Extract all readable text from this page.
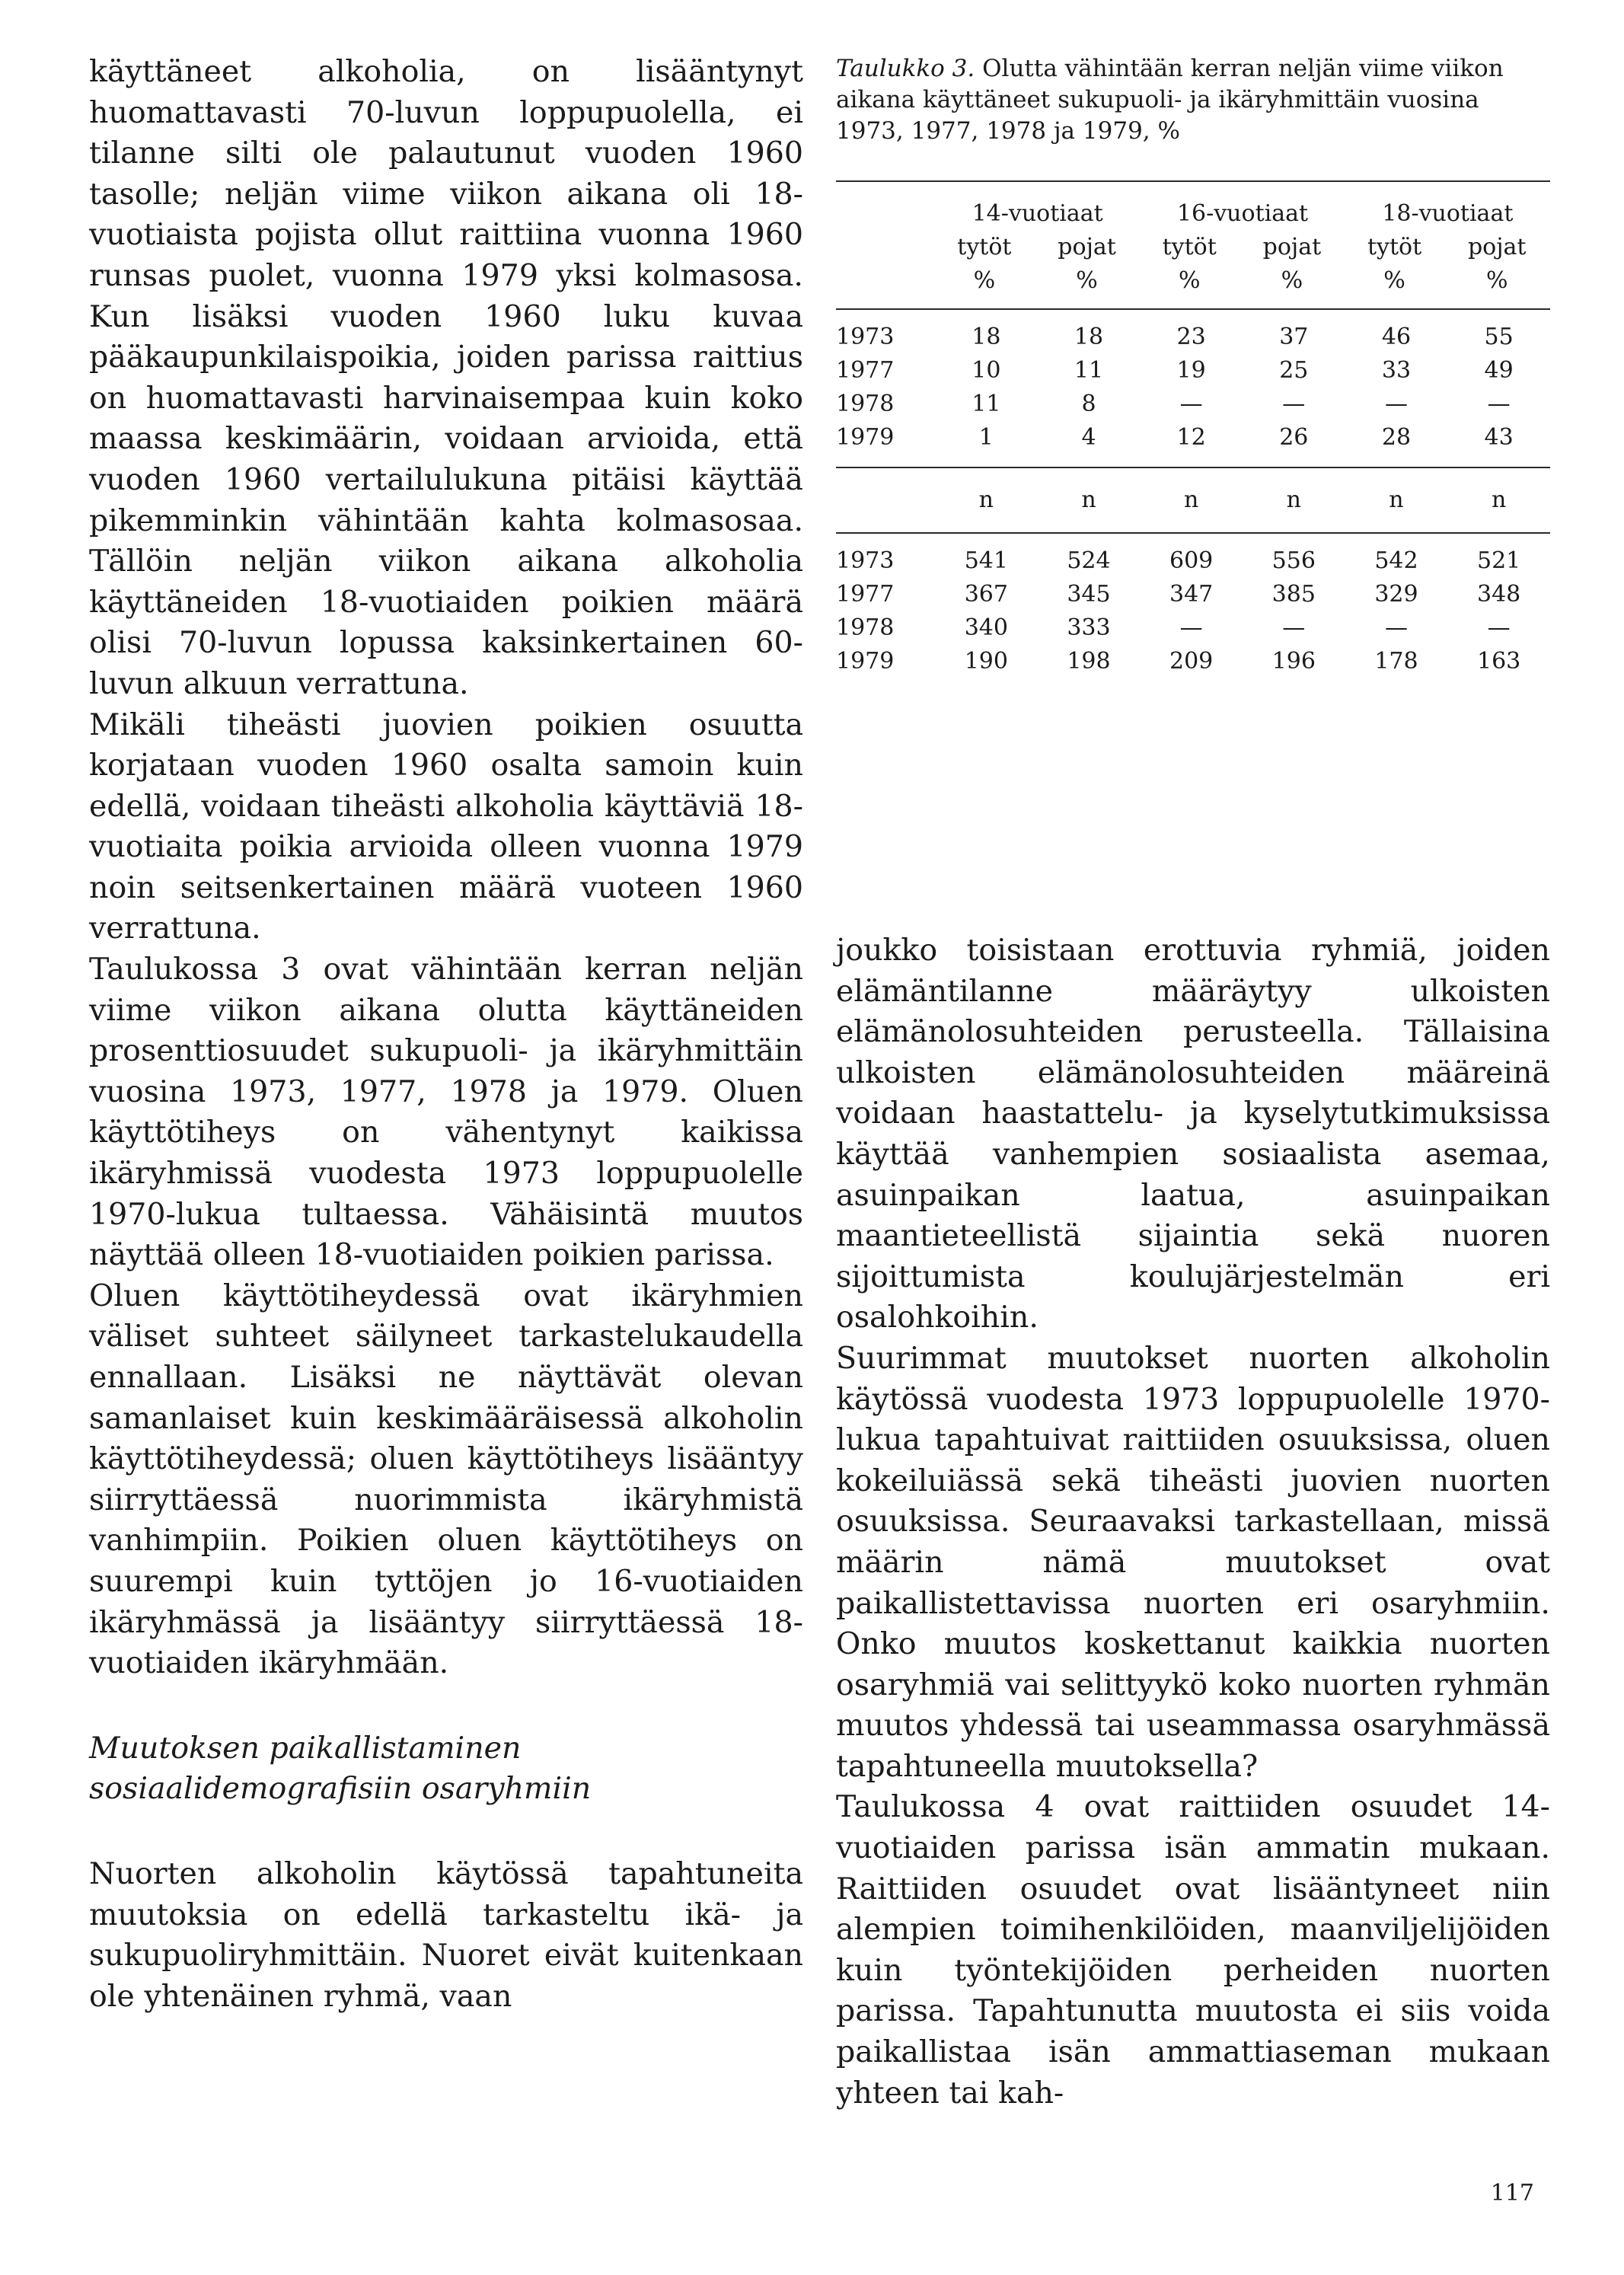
käyttäneet alkoholia, on lisääntynyt huomattavasti 70-luvun loppupuolella, ei tilanne silti ole palautunut vuoden 1960 tasolle; neljän viime viikon aikana oli 18-vuotiaista pojista ollut raittiina vuonna 1960 runsas puolet, vuonna 1979 yksi kolmasosa. Kun lisäksi vuoden 1960 luku kuvaa pääkaupunkilaispoikia, joiden parissa raittius on huomattavasti harvinaisempaa kuin koko maassa keskimäärin, voidaan arvioida, että vuoden 1960 vertailulukuna pitäisi käyttää pikemminkin vähintään kahta kolmasosaa. Tällöin neljän viikon aikana alkoholia käyttäneiden 18-vuotiaiden poikien määrä olisi 70-luvun lopussa kaksinkertainen 60-luvun alkuun verrattuna.

Mikäli tiheästi juovien poikien osuutta korjataan vuoden 1960 osalta samoin kuin edellä, voidaan tiheästi alkoholia käyttäviä 18-vuotiaita poikia arvioida olleen vuonna 1979 noin seitsenkertainen määrä vuoteen 1960 verrattuna.

Taulukossa 3 ovat vähintään kerran neljän viime viikon aikana olutta käyttäneiden prosenttiosuudet sukupuoli- ja ikäryhmittäin vuosina 1973, 1977, 1978 ja 1979. Oluen käyttötiheys on vähentynyt kaikissa ikäryhmissä vuodesta 1973 loppupuolelle 1970-lukua tultaessa. Vähäisintä muutos näyttää olleen 18-vuotiaiden poikien parissa.

Oluen käyttötiheydessä ovat ikäryhmien väliset suhteet säilyneet tarkastelukaudella ennallaan. Lisäksi ne näyttävät olevan samanlaiset kuin keskimääräisessä alkoholin käyttötiheydessä; oluen käyttötiheys lisääntyy siirryttäessä nuorimmista ikäryhmistä vanhimpiin. Poikien oluen käyttötiheys on suurempi kuin tyttöjen jo 16-vuotiaiden ikäryhmässä ja lisääntyy siirryttäessä 18-vuotiaiden ikäryhmään.

Muutoksen paikallistaminen
sosiaalidemografisiin osaryhmiin

Nuorten alkoholin käytössä tapahtuneita muutoksia on edellä tarkasteltu ikä- ja sukupuoliryhmittäin. Nuoret eivät kuitenkaan ole yhtenäinen ryhmä, vaan

Taulukko 3. Olutta vähintään kerran neljän viime viikon aikana käyttäneet sukupuoli- ja ikäryhmittäin vuosina 1973, 1977, 1978 ja 1979, %

	14-vuotiaat		16-vuotiaat		18-vuotiaat	
	tytöt	pojat	tytöt	pojat	tytöt	pojat
	%	%	%	%	%	%
1973	18	18	23	37	46	55
1977	10	11	19	25	33	49
1978	11	8	—	—	—	—
1979	1	4	12	26	28	43
	n	n	n	n	n	n
1973	541	524	609	556	542	521
1977	367	345	347	385	329	348
1978	340	333	—	—	—	—
1979	190	198	209	196	178	163

joukko toisistaan erottuvia ryhmiä, joiden elämäntilanne määräytyy ulkoisten elämänolosuhteiden perusteella. Tällaisina ulkoisten elämänolosuhteiden määreinä voidaan haastattelu- ja kyselytutkimuksissa käyttää vanhempien sosiaalista asemaa, asuinpaikan laatua, asuinpaikan maantieteellistä sijaintia sekä nuoren sijoittumista koulujärjestelmän eri osalohkoihin.

Suurimmat muutokset nuorten alkoholin käytössä vuodesta 1973 loppupuolelle 1970-lukua tapahtuivat raittiiden osuuksissa, oluen kokeiluiässä sekä tiheästi juovien nuorten osuuksissa. Seuraavaksi tarkastellaan, missä määrin nämä muutokset ovat paikallistettavissa nuorten eri osaryhmiin. Onko muutos koskettanut kaikkia nuorten osaryhmiä vai selittyykö koko nuorten ryhmän muutos yhdessä tai useammassa osaryhmässä tapahtuneella muutoksella?

Taulukossa 4 ovat raittiiden osuudet 14-vuotiaiden parissa isän ammatin mukaan. Raittiiden osuudet ovat lisääntyneet niin alempien toimihenkilöiden, maanviljelijöiden kuin työntekijöiden perheiden nuorten parissa. Tapahtunutta muutosta ei siis voida paikallistaa isän ammattiaseman mukaan yhteen tai kah-

117
